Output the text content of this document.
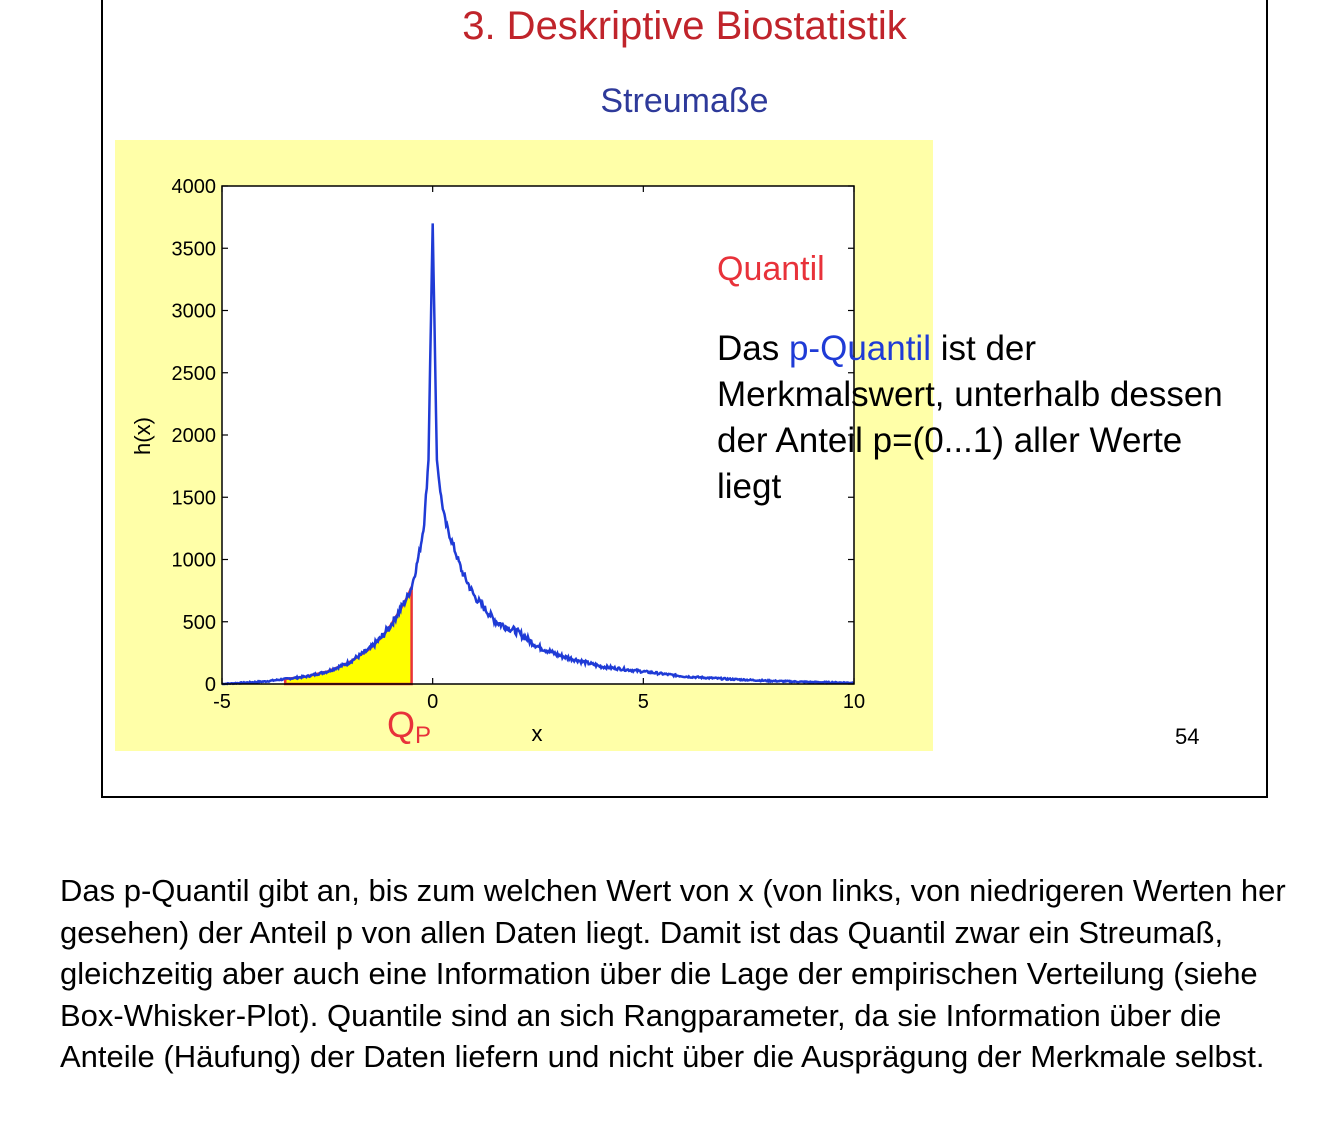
3. Deskriptive Biostatistik
Streumaße
0
500
1000
1500
2000
2500
3000
3500
4000
-5	0	5	10
x
h(x)
$Q_P$
Quantil
Das p-Quantil ist der Merkmalswert, unterhalb dessen der Anteil p=(0...1) aller Werte liegt
54

Das p-Quantil gibt an, bis zum welchen Wert von x (von links, von niedrigeren Werten her gesehen) der Anteil p von allen Daten liegt. Damit ist das Quantil zwar ein Streumaß, gleichzeitig aber auch eine Information über die Lage der empirischen Verteilung (siehe Box-Whisker-Plot). Quantile sind an sich Rangparameter, da sie Information über die Anteile (Häufung) der Daten liefern und nicht über die Ausprägung der Merkmale selbst.
